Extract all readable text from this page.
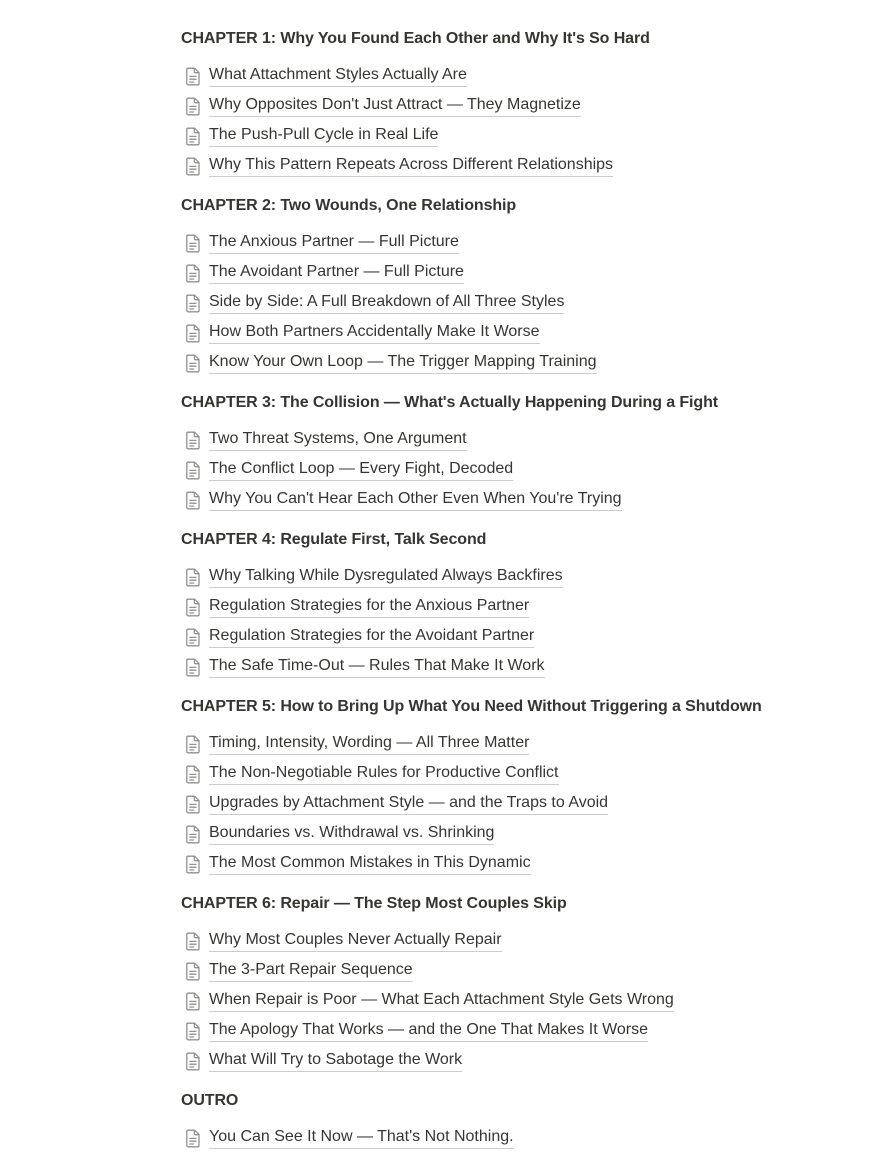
CHAPTER 1: Why You Found Each Other and Why It's So Hard
What Attachment Styles Actually Are
Why Opposites Don't Just Attract — They Magnetize
The Push-Pull Cycle in Real Life
Why This Pattern Repeats Across Different Relationships
CHAPTER 2: Two Wounds, One Relationship
The Anxious Partner — Full Picture
The Avoidant Partner — Full Picture
Side by Side: A Full Breakdown of All Three Styles
How Both Partners Accidentally Make It Worse
Know Your Own Loop — The Trigger Mapping Training
CHAPTER 3: The Collision — What's Actually Happening During a Fight
Two Threat Systems, One Argument
The Conflict Loop — Every Fight, Decoded
Why You Can't Hear Each Other Even When You're Trying
CHAPTER 4: Regulate First, Talk Second
Why Talking While Dysregulated Always Backfires
Regulation Strategies for the Anxious Partner
Regulation Strategies for the Avoidant Partner
The Safe Time-Out — Rules That Make It Work
CHAPTER 5: How to Bring Up What You Need Without Triggering a Shutdown
Timing, Intensity, Wording — All Three Matter
The Non-Negotiable Rules for Productive Conflict
Upgrades by Attachment Style — and the Traps to Avoid
Boundaries vs. Withdrawal vs. Shrinking
The Most Common Mistakes in This Dynamic
CHAPTER 6: Repair — The Step Most Couples Skip
Why Most Couples Never Actually Repair
The 3-Part Repair Sequence
When Repair is Poor — What Each Attachment Style Gets Wrong
The Apology That Works — and the One That Makes It Worse
What Will Try to Sabotage the Work
OUTRO
You Can See It Now — That's Not Nothing.
